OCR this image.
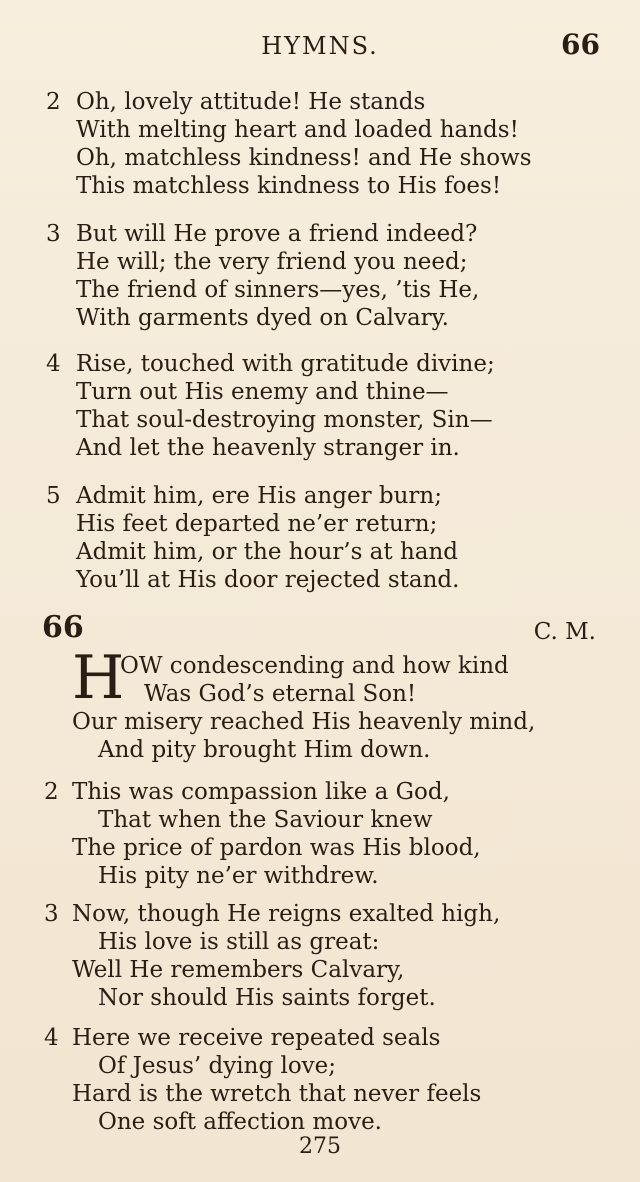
HYMNS.	66
2 Oh, lovely attitude! He stands
With melting heart and loaded hands!
Oh, matchless kindness! and He shows
This matchless kindness to His foes!
3 But will He prove a friend indeed?
He will; the very friend you need;
The friend of sinners—yes, ’tis He,
With garments dyed on Calvary.
4 Rise, touched with gratitude divine;
Turn out His enemy and thine—
That soul-destroying monster, Sin—
And let the heavenly stranger in.
5 Admit him, ere His anger burn;
His feet departed ne’er return;
Admit him, or the hour’s at hand
You’ll at His door rejected stand.
66	C. M.
H
OW condescending and how kind
Was God’s eternal Son!
Our misery reached His heavenly mind,
And pity brought Him down.
2 This was compassion like a God,
That when the Saviour knew
The price of pardon was His blood,
His pity ne’er withdrew.
3 Now, though He reigns exalted high,
His love is still as great:
Well He remembers Calvary,
Nor should His saints forget.
4 Here we receive repeated seals
Of Jesus’ dying love;
Hard is the wretch that never feels
One soft affection move.
275
